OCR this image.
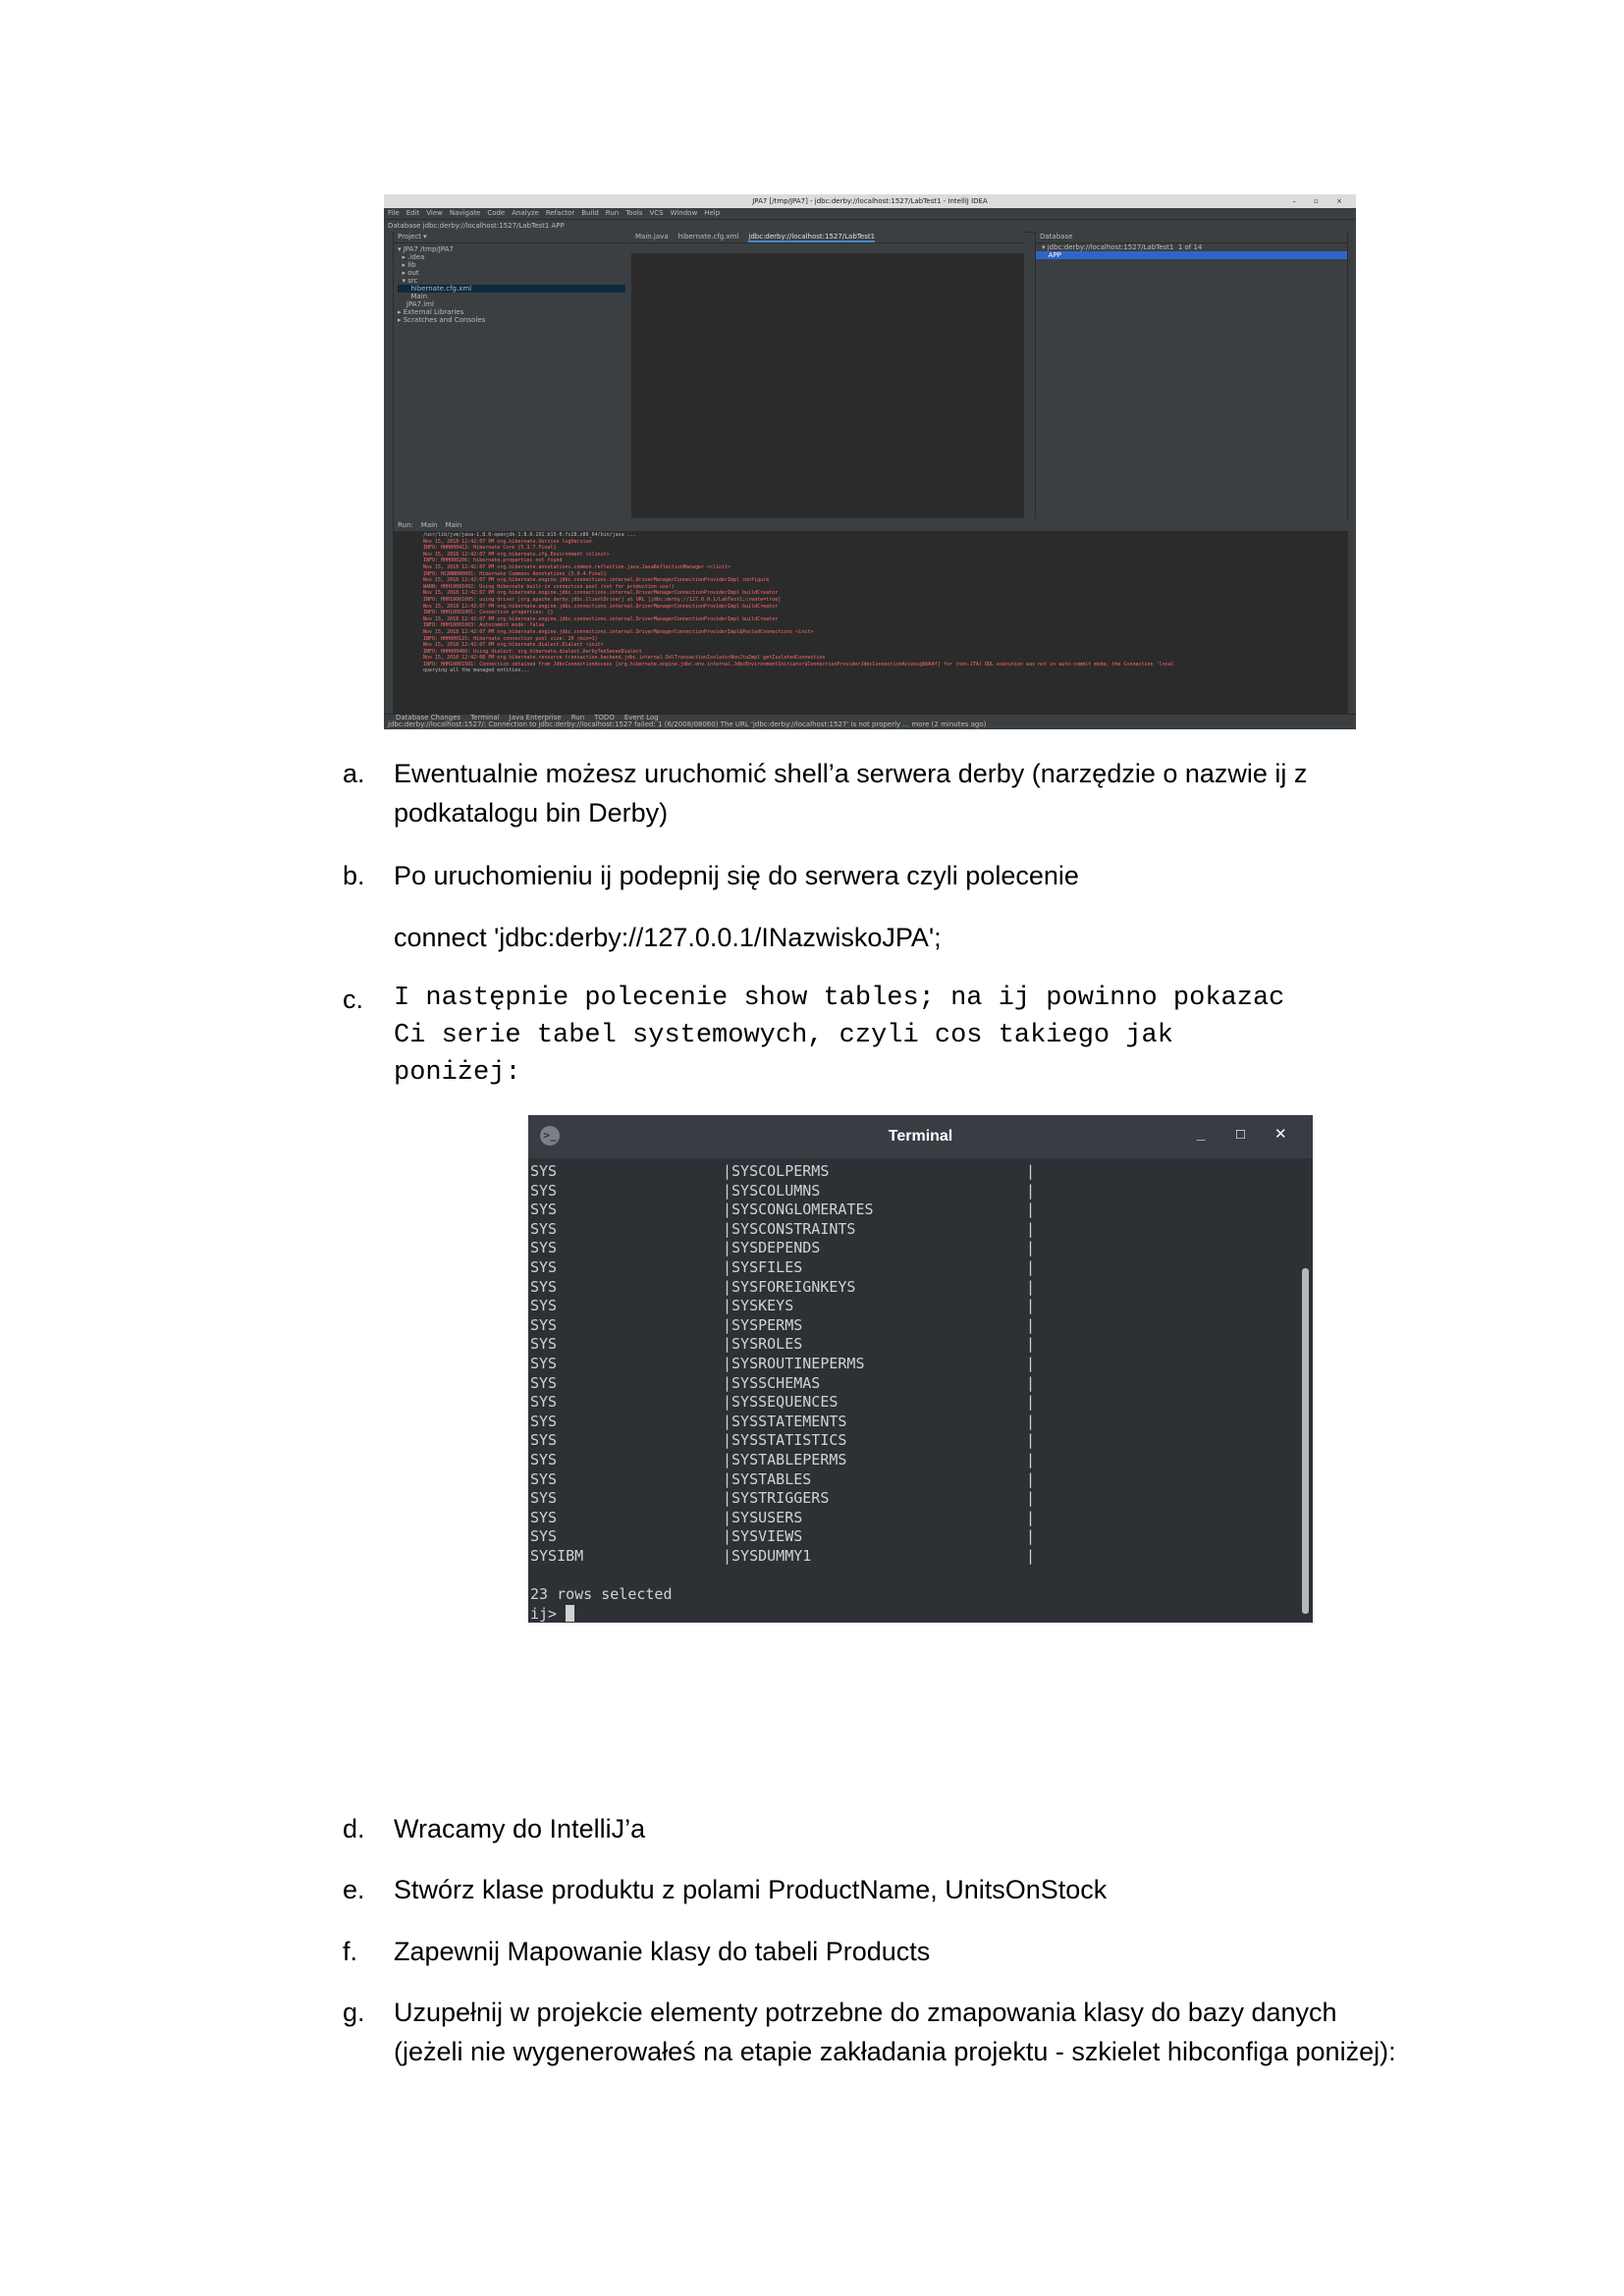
JPA7 [/tmp/JPA7] - jdbc:derby://localhost:1527/LabTest1 - IntelliJ IDEA	– ▫ ×
File Edit View Navigate Code Analyze Refactor Build Run Tools VCS Window Help
Database jdbc:derby://localhost:1527/LabTest1 APP
Project ▾
▾ JPA7 /tmp/JPA7
▸ .idea
▸ lib
▸ out
▾ src
hibernate.cfg.xml
Main
JPA7.iml
▸ External Libraries
▸ Scratches and Consoles
Main.java hibernate.cfg.xml jdbc:derby://localhost:1527/LabTest1	Database
▾ jdbc:derby://localhost:1527/LabTest1  1 of 14
APP
Run: Main Main
/usr/lib/jvm/java-1.8.0-openjdk-1.8.0.191.b13-0.fc28.x86_64/bin/java ...
Nov 15, 2018 12:42:07 PM org.hibernate.Version logVersion
INFO: HHH000412: Hibernate Core {5.3.7.Final}
Nov 15, 2018 12:42:07 PM org.hibernate.cfg.Environment <clinit>
INFO: HHH000206: hibernate.properties not found
Nov 15, 2018 12:42:07 PM org.hibernate.annotations.common.reflection.java.JavaReflectionManager <clinit>
INFO: HCANN000001: Hibernate Commons Annotations {5.0.4.Final}
Nov 15, 2018 12:42:07 PM org.hibernate.engine.jdbc.connections.internal.DriverManagerConnectionProviderImpl configure
WARN: HHH10001002: Using Hibernate built-in connection pool (not for production use!)
Nov 15, 2018 12:42:07 PM org.hibernate.engine.jdbc.connections.internal.DriverManagerConnectionProviderImpl buildCreator
INFO: HHH10001005: using driver [org.apache.derby.jdbc.ClientDriver] at URL [jdbc:derby://127.0.0.1/LabTest1;create=true]
Nov 15, 2018 12:42:07 PM org.hibernate.engine.jdbc.connections.internal.DriverManagerConnectionProviderImpl buildCreator
INFO: HHH10001001: Connection properties: {}
Nov 15, 2018 12:42:07 PM org.hibernate.engine.jdbc.connections.internal.DriverManagerConnectionProviderImpl buildCreator
INFO: HHH10001003: Autocommit mode: false
Nov 15, 2018 12:42:07 PM org.hibernate.engine.jdbc.connections.internal.DriverManagerConnectionProviderImpl$PooledConnections <init>
INFO: HHH000115: Hibernate connection pool size: 20 (min=1)
Nov 15, 2018 12:42:07 PM org.hibernate.dialect.Dialect <init>
INFO: HHH000400: Using dialect: org.hibernate.dialect.DerbyTenSevenDialect
Nov 15, 2018 12:42:08 PM org.hibernate.resource.transaction.backend.jdbc.internal.DdlTransactionIsolatorNonJtaImpl getIsolatedConnection
INFO: HHH10001501: Connection obtained from JdbcConnectionAccess [org.hibernate.engine.jdbc.env.internal.JdbcEnvironmentInitiator$ConnectionProviderJdbcConnectionAccess@6b64f] for (non-JTA) DDL execution was not in auto-commit mode; the Connection 'local
querying all the managed entities...
Database Changes Terminal Java Enterprise Run TODO Event Log
jdbc:derby://localhost:1527/: Connection to jdbc:derby://localhost:1527 failed: 1 (6/2008/08060) The URL 'jdbc:derby://localhost:1527' is not properly ... more (2 minutes ago)
a. Ewentualnie możesz uruchomić shell’a serwera derby (narzędzie o nazwie ij z
podkatalogu bin Derby)
b. Po uruchomieniu ij podepnij się do serwera czyli polecenie
connect 'jdbc:derby://127.0.0.1/INazwiskoJPA';
c. I następnie polecenie show tables; na ij powinno pokazac
Ci serie tabel systemowych, czyli cos takiego jak
poniżej:
>_	Terminal	_ □ ✕
SYS	|SYSCOLPERMS	|
SYS	|SYSCOLUMNS	|
SYS	|SYSCONGLOMERATES	|
SYS	|SYSCONSTRAINTS	|
SYS	|SYSDEPENDS	|
SYS	|SYSFILES	|
SYS	|SYSFOREIGNKEYS	|
SYS	|SYSKEYS	|
SYS	|SYSPERMS	|
SYS	|SYSROLES	|
SYS	|SYSROUTINEPERMS	|
SYS	|SYSSCHEMAS	|
SYS	|SYSSEQUENCES	|
SYS	|SYSSTATEMENTS	|
SYS	|SYSSTATISTICS	|
SYS	|SYSTABLEPERMS	|
SYS	|SYSTABLES	|
SYS	|SYSTRIGGERS	|
SYS	|SYSUSERS	|
SYS	|SYSVIEWS	|
SYSIBM	|SYSDUMMY1	|
23 rows selected
ij>
d. Wracamy do IntelliJ’a
e. Stwórz klase produktu z polami ProductName, UnitsOnStock
f. Zapewnij Mapowanie klasy do tabeli Products
g. Uzupełnij w projekcie elementy potrzebne do zmapowania klasy do bazy danych
(jeżeli nie wygenerowałeś na etapie zakładania projektu - szkielet hibconfiga poniżej):
